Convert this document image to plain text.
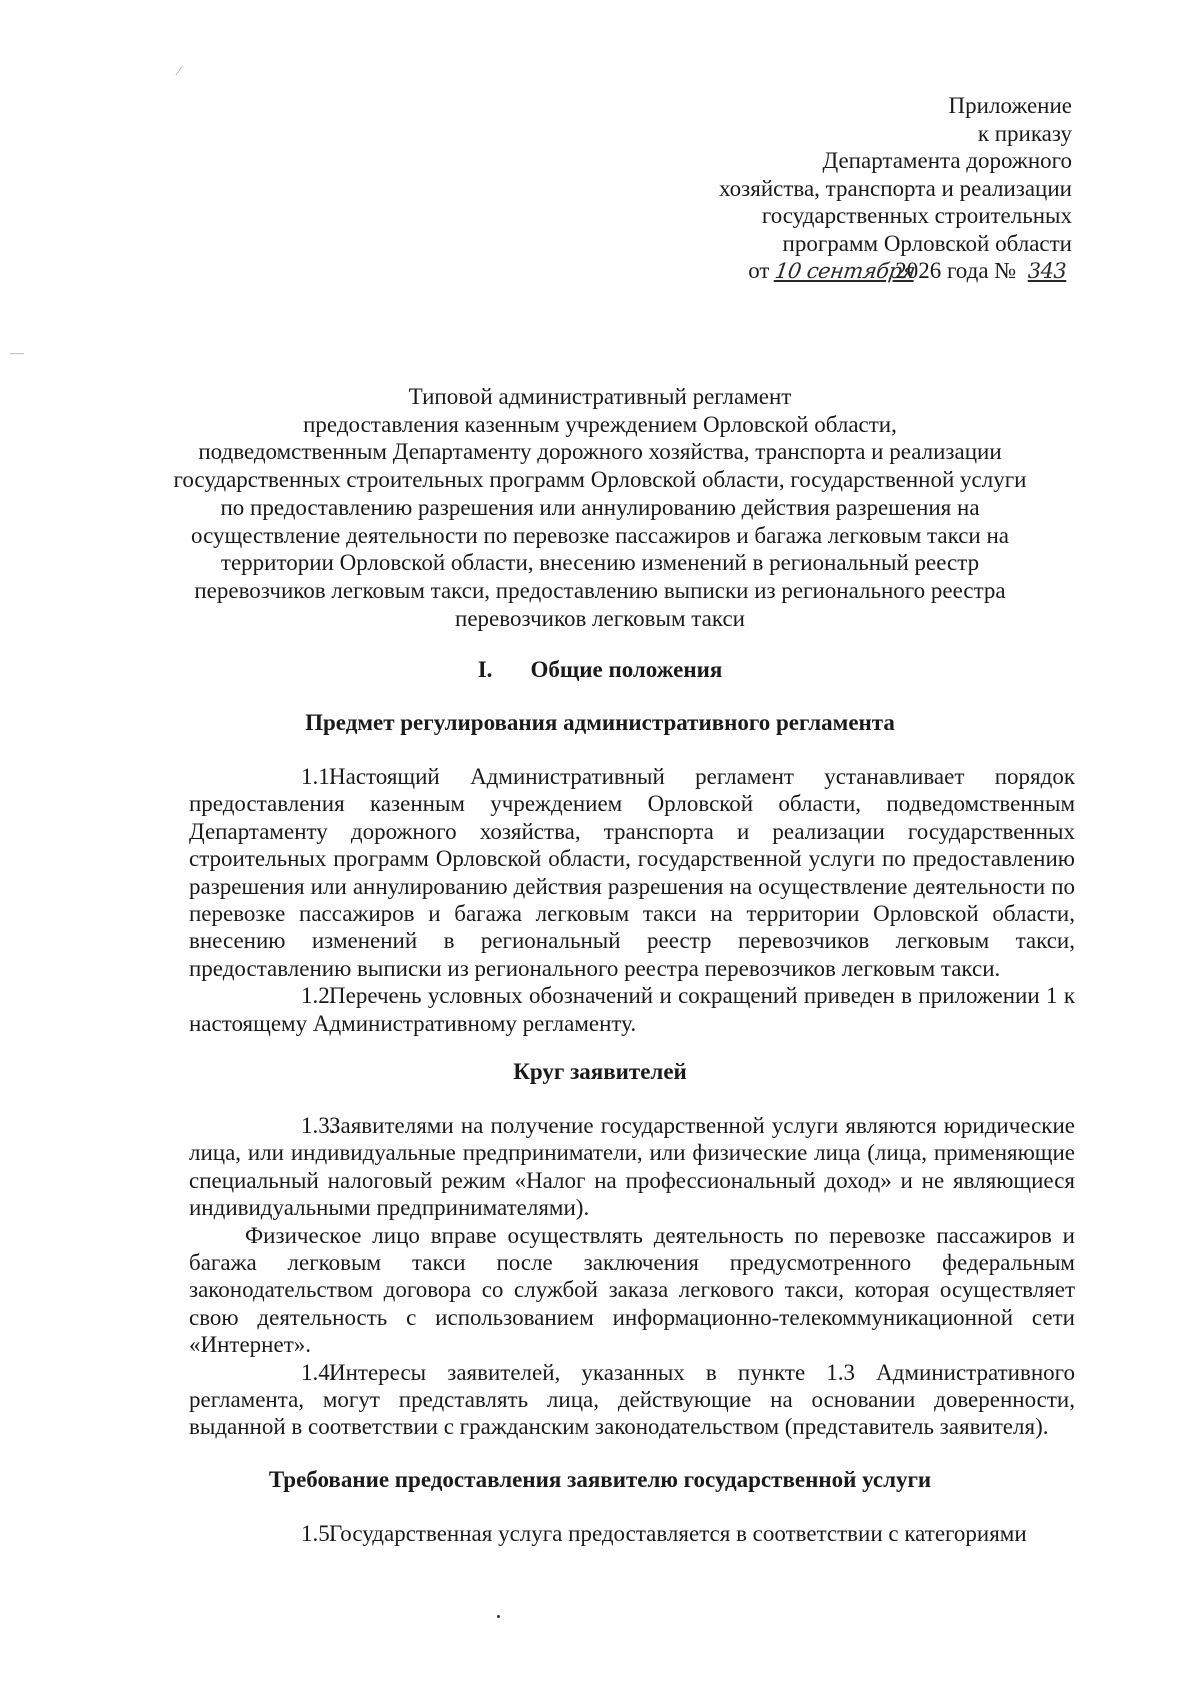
⁄
—
Приложение
к приказу
Департамента дорожного
хозяйства, транспорта и реализации
государственных строительных
программ Орловской области
от 10 сентября2026 года № 343
Типовой административный регламент
предоставления казенным учреждением Орловской области,
подведомственным Департаменту дорожного хозяйства, транспорта и реализации
государственных строительных программ Орловской области, государственной услуги
по предоставлению разрешения или аннулированию действия разрешения на
осуществление деятельности по перевозке пассажиров и багажа легковым такси на
территории Орловской области, внесению изменений в региональный реестр
перевозчиков легковым такси, предоставлению выписки из регионального реестра
перевозчиков легковым такси
I. Общие положения
Предмет регулирования административного регламента

1.1.Настоящий Административный регламент устанавливает порядок предоставления казенным учреждением Орловской области, подведомственным Департаменту дорожного хозяйства, транспорта и реализации государственных строительных программ Орловской области, государственной услуги по предоставлению разрешения или аннулированию действия разрешения на осуществление деятельности по перевозке пассажиров и багажа легковым такси на территории Орловской области, внесению изменений в региональный реестр перевозчиков легковым такси, предоставлению выписки из регионального реестра перевозчиков легковым такси.

1.2.Перечень условных обозначений и сокращений приведен в приложении 1 к настоящему Административному регламенту.

Круг заявителей

1.3.Заявителями на получение государственной услуги являются юридические лица, или индивидуальные предприниматели, или физические лица (лица, применяющие специальный налоговый режим «Налог на профессиональный доход» и не являющиеся индивидуальными предпринимателями).

Физическое лицо вправе осуществлять деятельность по перевозке пассажиров и багажа легковым такси после заключения предусмотренного федеральным законодательством договора со службой заказа легкового такси, которая осуществляет свою деятельность с использованием информационно-телекоммуникационной сети «Интернет».

1.4.Интересы заявителей, указанных в пункте 1.3 Административного регламента, могут представлять лица, действующие на основании доверенности, выданной в соответствии с гражданским законодательством (представитель заявителя).

Требование предоставления заявителю государственной услуги

1.5.Государственная услуга предоставляется в соответствии с категориями
